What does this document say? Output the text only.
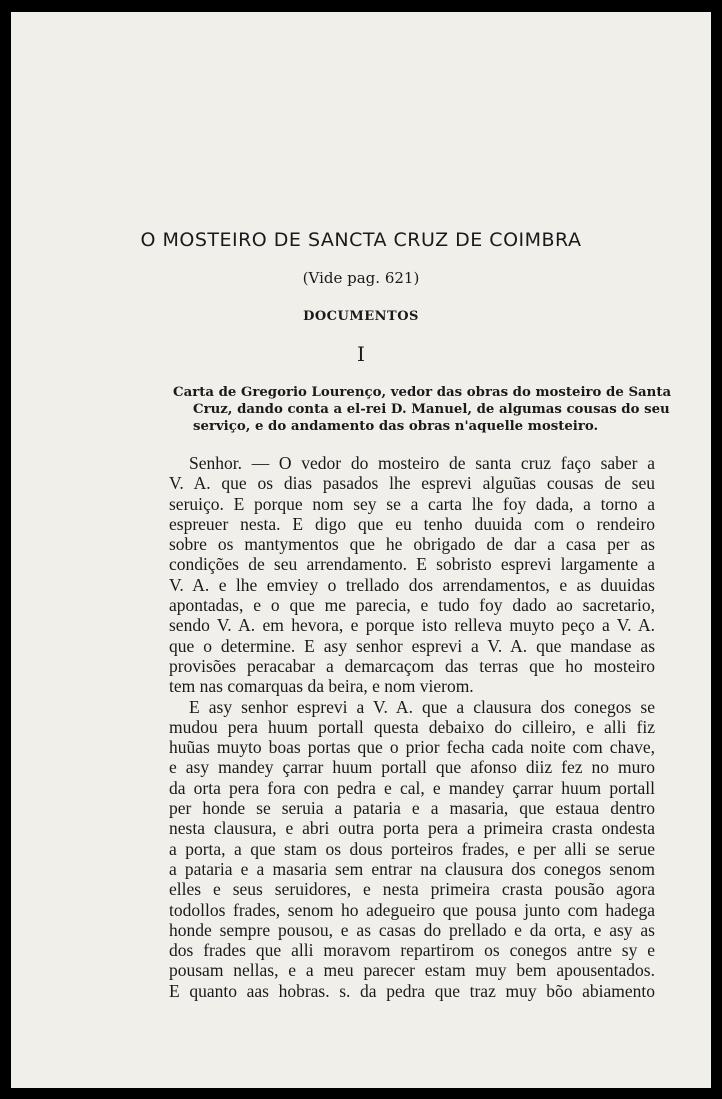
O MOSTEIRO DE SANCTA CRUZ DE COIMBRA
(Vide pag. 621)
DOCUMENTOS
I
Carta de Gregorio Lourenço, vedor das obras do mosteiro de Santa
Cruz, dando conta a el-rei D. Manuel, de algumas cousas do seu
serviço, e do andamento das obras n'aquelle mosteiro.
Senhor. — O vedor do mosteiro de santa cruz faço saber a
V. A. que os dias pasados lhe esprevi alguũas cousas de seu
seruiço. E porque nom sey se a carta lhe foy dada, a torno a
espreuer nesta. E digo que eu tenho duuida com o rendeiro
sobre os mantymentos que he obrigado de dar a casa per as
condições de seu arrendamento. E sobristo esprevi largamente a
V. A. e lhe emviey o trellado dos arrendamentos, e as duuidas
apontadas, e o que me parecia, e tudo foy dado ao sacretario,
sendo V. A. em hevora, e porque isto relleva muyto peço a V. A.
que o determine. E asy senhor esprevi a V. A. que mandase as
provisões peracabar a demarcaçom das terras que ho mosteiro
tem nas comarquas da beira, e nom vierom.
E asy senhor esprevi a V. A. que a clausura dos conegos se
mudou pera huum portall questa debaixo do cilleiro, e alli fiz
huũas muyto boas portas que o prior fecha cada noite com chave,
e asy mandey çarrar huum portall que afonso diiz fez no muro
da orta pera fora con pedra e cal, e mandey çarrar huum portall
per honde se seruia a pataria e a masaria, que estaua dentro
nesta clausura, e abri outra porta pera a primeira crasta ondesta
a porta, a que stam os dous porteiros frades, e per alli se serue
a pataria e a masaria sem entrar na clausura dos conegos senom
elles e seus seruidores, e nesta primeira crasta pousão agora
todollos frades, senom ho adegueiro que pousa junto com hadega
honde sempre pousou, e as casas do prellado e da orta, e asy as
dos frades que alli moravom repartirom os conegos antre sy e
pousam nellas, e a meu parecer estam muy bem apousentados.
E quanto aas hobras. s. da pedra que traz muy bõo abiamento
